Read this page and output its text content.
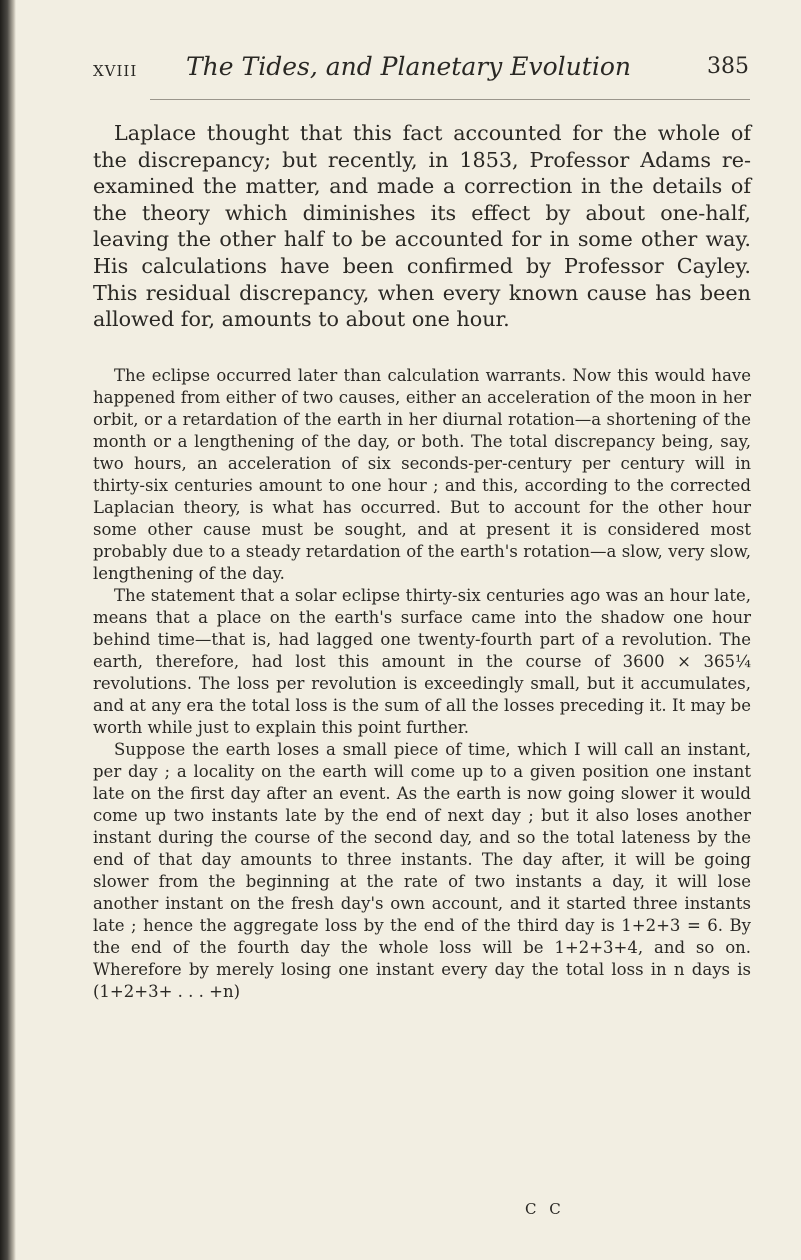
XVIII The Tides, and Planetary Evolution	385

Laplace thought that this fact accounted for the whole of the discrepancy; but recently, in 1853, Professor Adams re-examined the matter, and made a correction in the details of the theory which diminishes its effect by about one-half, leaving the other half to be accounted for in some other way. His calculations have been confirmed by Professor Cayley. This residual discrepancy, when every known cause has been allowed for, amounts to about one hour.

The eclipse occurred later than calculation warrants. Now this would have happened from either of two causes, either an acceleration of the moon in her orbit, or a retardation of the earth in her diurnal rotation—a shortening of the month or a lengthening of the day, or both. The total discrepancy being, say, two hours, an acceleration of six seconds-per-century per century will in thirty-six centuries amount to one hour ; and this, according to the corrected Laplacian theory, is what has occurred. But to account for the other hour some other cause must be sought, and at present it is considered most probably due to a steady retardation of the earth's rotation—a slow, very slow, lengthening of the day.

The statement that a solar eclipse thirty-six centuries ago was an hour late, means that a place on the earth's surface came into the shadow one hour behind time—that is, had lagged one twenty-fourth part of a revolution. The earth, therefore, had lost this amount in the course of 3600 × 365¼ revolutions. The loss per revolution is exceedingly small, but it accumulates, and at any era the total loss is the sum of all the losses preceding it. It may be worth while just to explain this point further.

Suppose the earth loses a small piece of time, which I will call an instant, per day ; a locality on the earth will come up to a given position one instant late on the first day after an event. As the earth is now going slower it would come up two instants late by the end of next day ; but it also loses another instant during the course of the second day, and so the total lateness by the end of that day amounts to three instants. The day after, it will be going slower from the beginning at the rate of two instants a day, it will lose another instant on the fresh day's own account, and it started three instants late ; hence the aggregate loss by the end of the third day is 1+2+3 = 6. By the end of the fourth day the whole loss will be 1+2+3+4, and so on. Wherefore by merely losing one instant every day the total loss in n days is (1+2+3+ . . . +n)

C C
